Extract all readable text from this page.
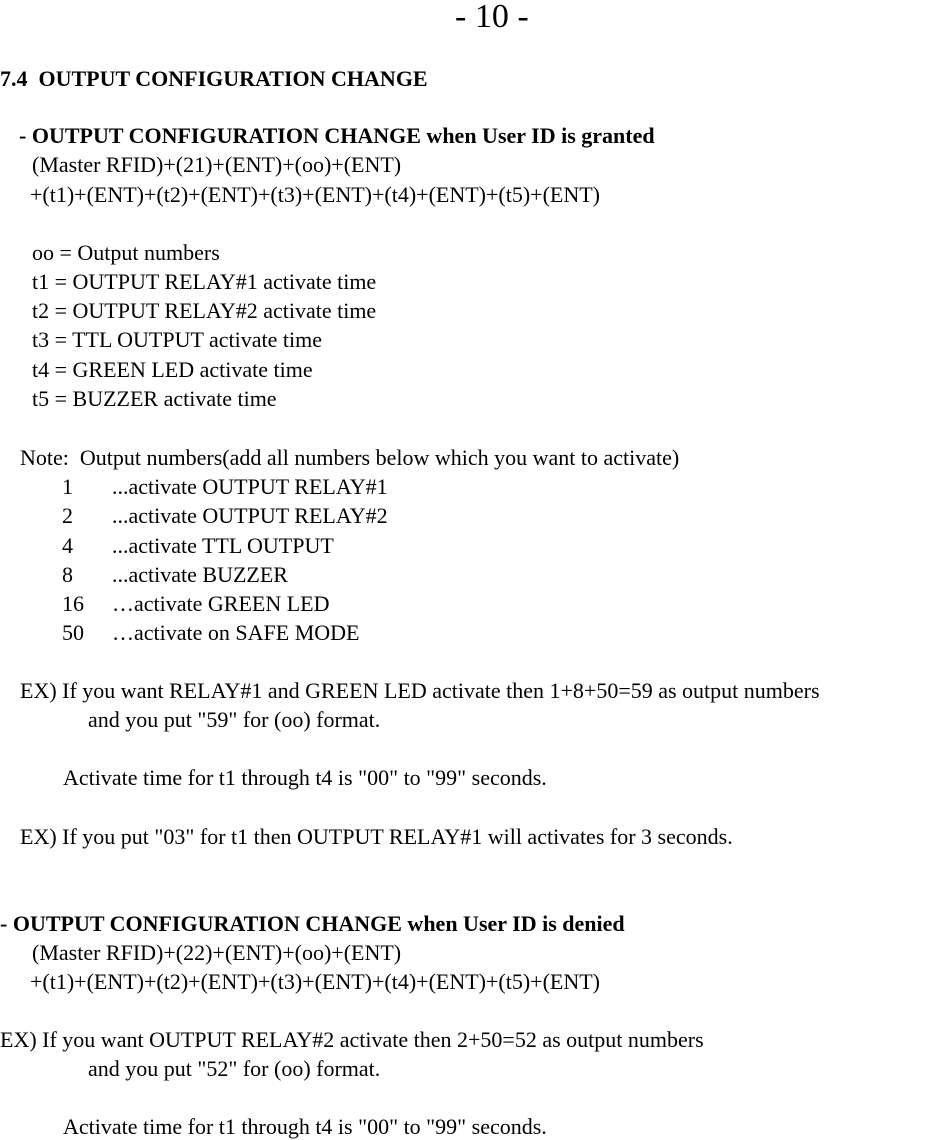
- 10 -
7.4  OUTPUT CONFIGURATION CHANGE
- OUTPUT CONFIGURATION CHANGE when User ID is granted
(Master RFID)+(21)+(ENT)+(oo)+(ENT)
+(t1)+(ENT)+(t2)+(ENT)+(t3)+(ENT)+(t4)+(ENT)+(t5)+(ENT)
oo = Output numbers
t1 = OUTPUT RELAY#1 activate time
t2 = OUTPUT RELAY#2 activate time
t3 = TTL OUTPUT activate time
t4 = GREEN LED activate time
t5 = BUZZER activate time
Note:  Output numbers(add all numbers below which you want to activate)
1 ...activate OUTPUT RELAY#1
2 ...activate OUTPUT RELAY#2
4 ...activate TTL OUTPUT
8 ...activate BUZZER
16 …activate GREEN LED
50 …activate on SAFE MODE
EX) If you want RELAY#1 and GREEN LED activate then 1+8+50=59 as output numbers
and you put "59" for (oo) format.
Activate time for t1 through t4 is "00" to "99" seconds.
EX) If you put "03" for t1 then OUTPUT RELAY#1 will activates for 3 seconds.
- OUTPUT CONFIGURATION CHANGE when User ID is denied
(Master RFID)+(22)+(ENT)+(oo)+(ENT)
+(t1)+(ENT)+(t2)+(ENT)+(t3)+(ENT)+(t4)+(ENT)+(t5)+(ENT)
EX) If you want OUTPUT RELAY#2 activate then 2+50=52 as output numbers
and you put "52" for (oo) format.
Activate time for t1 through t4 is "00" to "99" seconds.
